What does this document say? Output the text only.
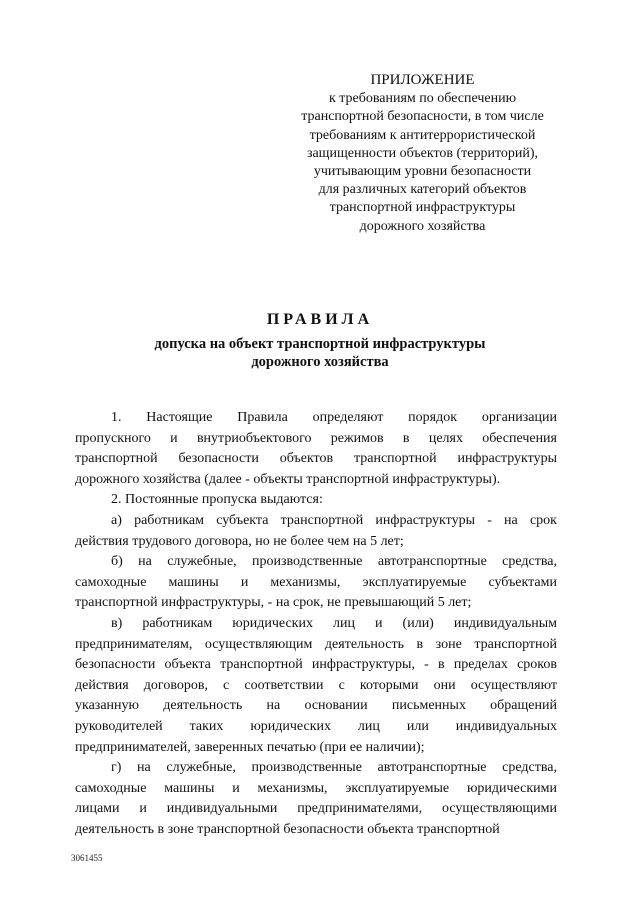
ПРИЛОЖЕНИЕ
к требованиям по обеспечению
транспортной безопасности, в том числе
требованиям к антитеррористической
защищенности объектов (территорий),
учитывающим уровни безопасности
для различных категорий объектов
транспортной инфраструктуры
дорожного хозяйства
ПРАВИЛА
допуска на объект транспортной инфраструктуры
дорожного хозяйства

1. Настоящие Правила определяют порядок организации
пропускного и внутриобъектового режимов в целях обеспечения
транспортной безопасности объектов транспортной инфраструктуры
дорожного хозяйства (далее - объекты транспортной инфраструктуры).

2. Постоянные пропуска выдаются:

а) работникам субъекта транспортной инфраструктуры - на срок
действия трудового договора, но не более чем на 5 лет;

б) на служебные, производственные автотранспортные средства,
самоходные машины и механизмы, эксплуатируемые субъектами
транспортной инфраструктуры, - на срок, не превышающий 5 лет;

в) работникам юридических лиц и (или) индивидуальным
предпринимателям, осуществляющим деятельность в зоне транспортной
безопасности объекта транспортной инфраструктуры, - в пределах сроков
действия договоров, с соответствии с которыми они осуществляют
указанную деятельность на основании письменных обращений
руководителей таких юридических лиц или индивидуальных
предпринимателей, заверенных печатью (при ее наличии);

г) на служебные, производственные автотранспортные средства,
самоходные машины и механизмы, эксплуатируемые юридическими
лицами и индивидуальными предпринимателями, осуществляющими
деятельность в зоне транспортной безопасности объекта транспортной

3061455
